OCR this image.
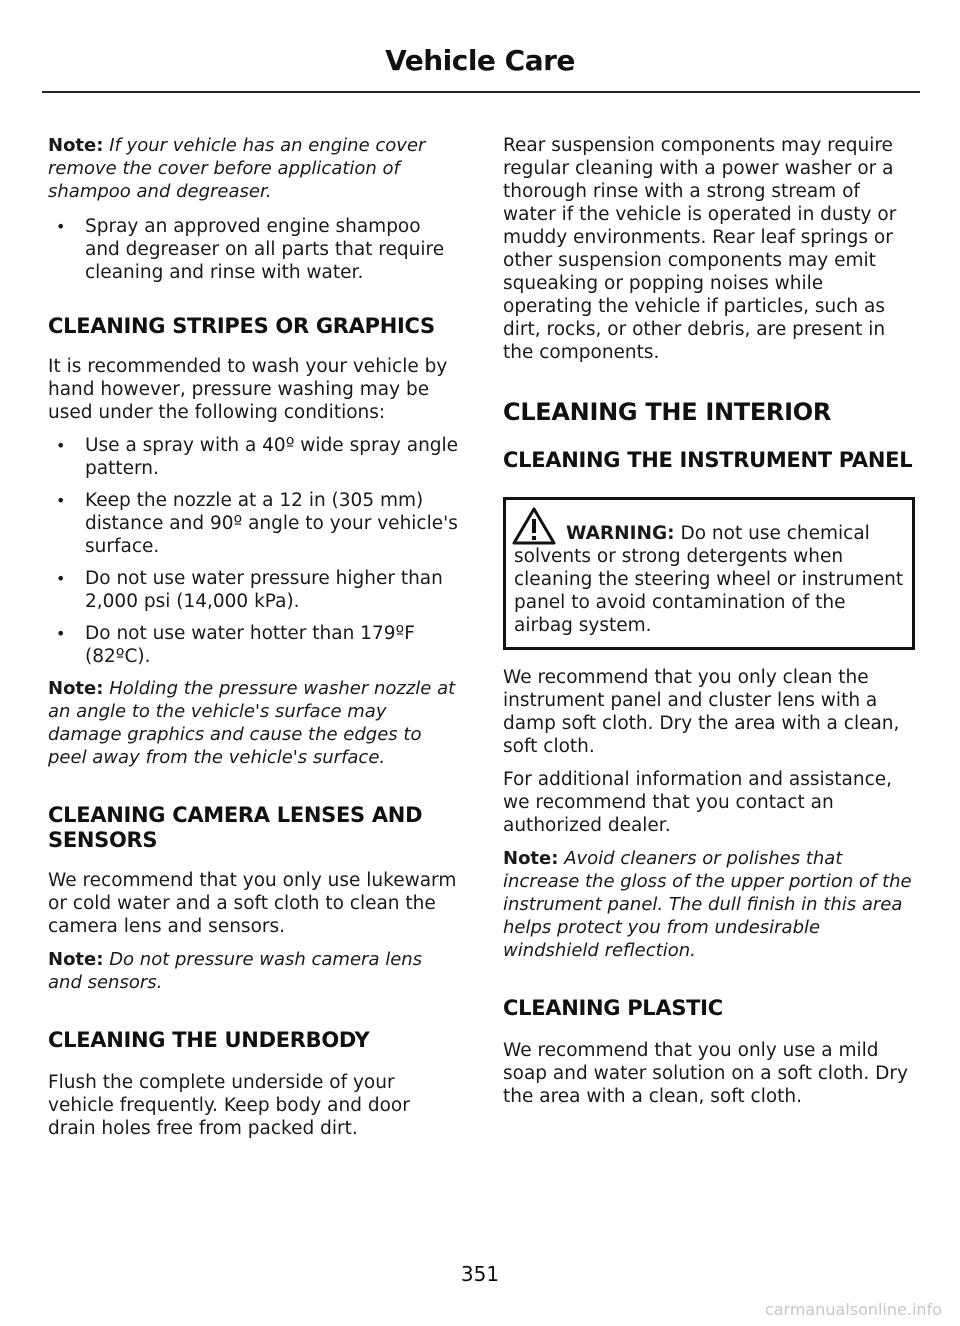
Vehicle Care

Note: If your vehicle has an engine cover remove the cover before application of shampoo and degreaser.

• Spray an approved engine shampoo and degreaser on all parts that require cleaning and rinse with water.
CLEANING STRIPES OR GRAPHICS

It is recommended to wash your vehicle by hand however, pressure washing may be used under the following conditions:

• Use a spray with a 40º wide spray angle pattern.
• Keep the nozzle at a 12 in (305 mm) distance and 90º angle to your vehicle's surface.
• Do not use water pressure higher than 2,000 psi (14,000 kPa).
• Do not use water hotter than 179ºF (82ºC).

Note: Holding the pressure washer nozzle at an angle to the vehicle's surface may damage graphics and cause the edges to peel away from the vehicle's surface.

CLEANING CAMERA LENSES AND SENSORS

We recommend that you only use lukewarm or cold water and a soft cloth to clean the camera lens and sensors.

Note: Do not pressure wash camera lens and sensors.

CLEANING THE UNDERBODY

Flush the complete underside of your vehicle frequently. Keep body and door drain holes free from packed dirt.

Rear suspension components may require regular cleaning with a power washer or a thorough rinse with a strong stream of water if the vehicle is operated in dusty or muddy environments. Rear leaf springs or other suspension components may emit squeaking or popping noises while operating the vehicle if particles, such as dirt, rocks, or other debris, are present in the components.

CLEANING THE INTERIOR
CLEANING THE INSTRUMENT PANEL
WARNING: Do not use chemical solvents or strong detergents when cleaning the steering wheel or instrument panel to avoid contamination of the airbag system.

We recommend that you only clean the instrument panel and cluster lens with a damp soft cloth. Dry the area with a clean, soft cloth.

For additional information and assistance, we recommend that you contact an authorized dealer.

Note: Avoid cleaners or polishes that increase the gloss of the upper portion of the instrument panel. The dull finish in this area helps protect you from undesirable windshield reflection.

CLEANING PLASTIC

We recommend that you only use a mild soap and water solution on a soft cloth. Dry the area with a clean, soft cloth.

351
carmanualsonline.info
